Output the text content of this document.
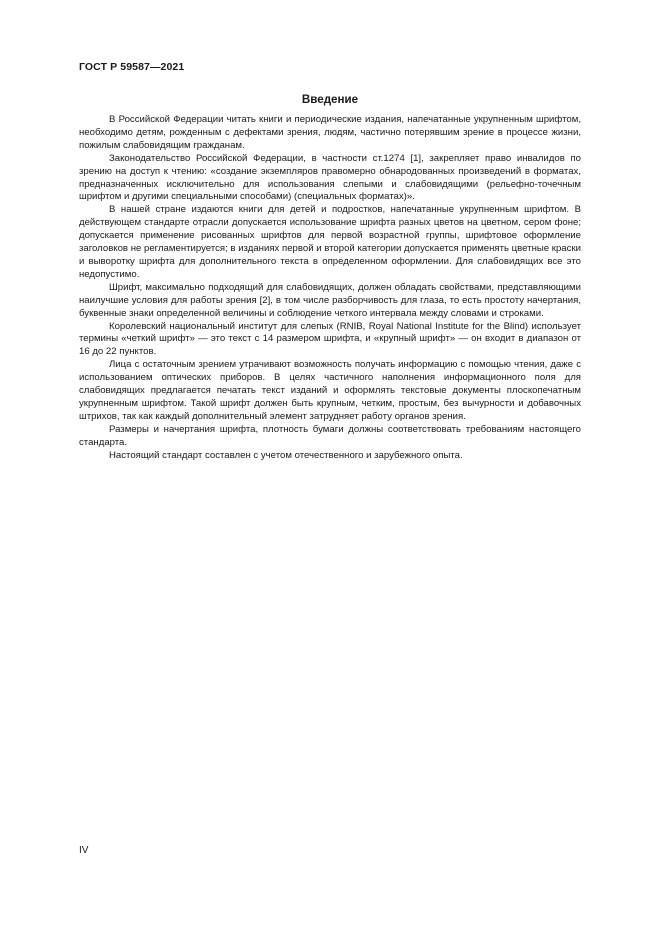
ГОСТ Р 59587—2021
Введение

В Российской Федерации читать книги и периодические издания, напечатанные укрупненным шрифтом, необходимо детям, рожденным с дефектами зрения, людям, частично потерявшим зрение в процессе жизни, пожилым слабовидящим гражданам.

Законодательство Российской Федерации, в частности ст.1274 [1], закрепляет право инвалидов по зрению на доступ к чтению: «создание экземпляров правомерно обнародованных произведений в форматах, предназначенных исключительно для использования слепыми и слабовидящими (рельефно-точечным шрифтом и другими специальными способами) (специальных форматах)».

В нашей стране издаются книги для детей и подростков, напечатанные укрупненным шрифтом. В действующем стандарте отрасли допускается использование шрифта разных цветов на цветном, сером фоне; допускается применение рисованных шрифтов для первой возрастной группы, шрифтовое оформление заголовков не регламентируется; в изданиях первой и второй категории допускается применять цветные краски и выворотку шрифта для дополнительного текста в определенном оформлении. Для слабовидящих все это недопустимо.

Шрифт, максимально подходящий для слабовидящих, должен обладать свойствами, представляющими наилучшие условия для работы зрения [2], в том числе разборчивость для глаза, то есть простоту начертания, буквенные знаки определенной величины и соблюдение четкого интервала между словами и строками.

Королевский национальный институт для слепых (RNIB, Royal National Institute for the Blind) использует термины «четкий шрифт» — это текст с 14 размером шрифта, и «крупный шрифт» — он входит в диапазон от 16 до 22 пунктов.

Лица с остаточным зрением утрачивают возможность получать информацию с помощью чтения, даже с использованием оптических приборов. В целях частичного наполнения информационного поля для слабовидящих предлагается печатать текст изданий и оформлять текстовые документы плоскопечатным укрупненным шрифтом. Такой шрифт должен быть крупным, четким, простым, без вычурности и добавочных штрихов, так как каждый дополнительный элемент затрудняет работу органов зрения.

Размеры и начертания шрифта, плотность бумаги должны соответствовать требованиям настоящего стандарта.

Настоящий стандарт составлен с учетом отечественного и зарубежного опыта.

IV
